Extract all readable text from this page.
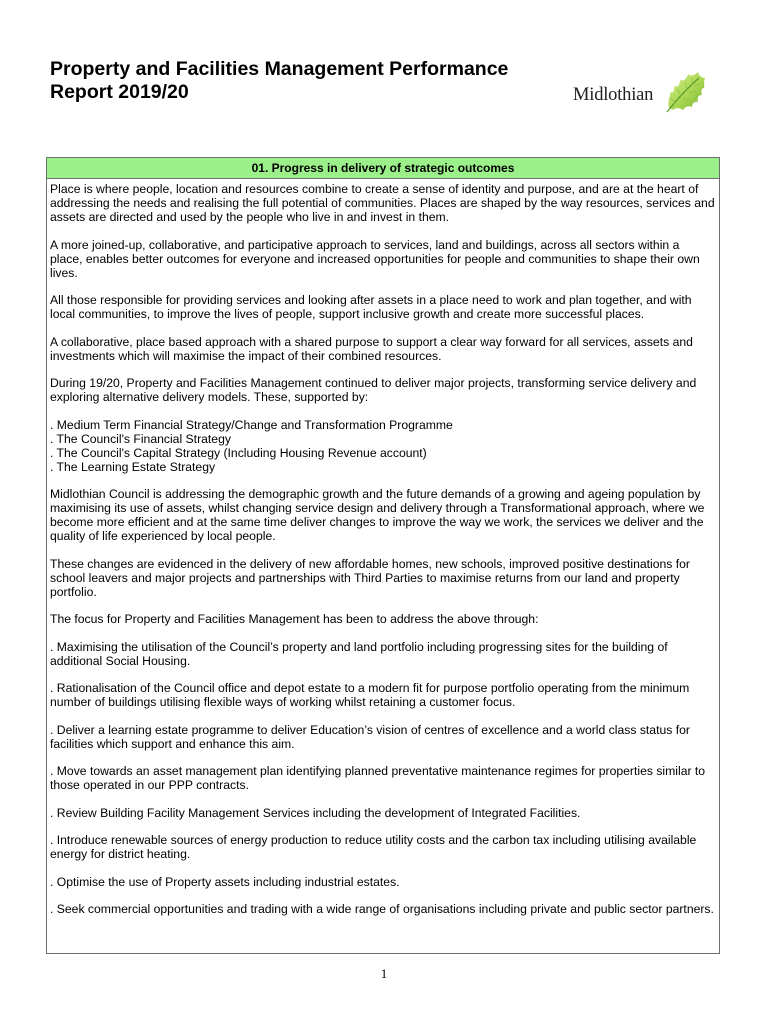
Property and Facilities Management Performance
Report 2019/20	Midlothian
01. Progress in delivery of strategic outcomes

Place is where people, location and resources combine to create a sense of identity and purpose, and are at the heart of addressing the needs and realising the full potential of communities. Places are shaped by the way resources, services and assets are directed and used by the people who live in and invest in them.

A more joined-up, collaborative, and participative approach to services, land and buildings, across all sectors within a place, enables better outcomes for everyone and increased opportunities for people and communities to shape their own lives.

All those responsible for providing services and looking after assets in a place need to work and plan together, and with local communities, to improve the lives of people, support inclusive growth and create more successful places.

A collaborative, place based approach with a shared purpose to support a clear way forward for all services, assets and investments which will maximise the impact of their combined resources.

During 19/20, Property and Facilities Management continued to deliver major projects, transforming service delivery and exploring alternative delivery models. These, supported by:

. Medium Term Financial Strategy/Change and Transformation Programme
. The Council's Financial Strategy
. The Council's Capital Strategy (Including Housing Revenue account)
. The Learning Estate Strategy

Midlothian Council is addressing the demographic growth and the future demands of a growing and ageing population by maximising its use of assets, whilst changing service design and delivery through a Transformational approach, where we become more efficient and at the same time deliver changes to improve the way we work, the services we deliver and the quality of life experienced by local people.

These changes are evidenced in the delivery of new affordable homes, new schools, improved positive destinations for school leavers and major projects and partnerships with Third Parties to maximise returns from our land and property portfolio.

The focus for Property and Facilities Management has been to address the above through:

. Maximising the utilisation of the Council’s property and land portfolio including progressing sites for the building of additional Social Housing.

. Rationalisation of the Council office and depot estate to a modern fit for purpose portfolio operating from the minimum number of buildings utilising flexible ways of working whilst retaining a customer focus.

. Deliver a learning estate programme to deliver Education’s vision of centres of excellence and a world class status for facilities which support and enhance this aim.

. Move towards an asset management plan identifying planned preventative maintenance regimes for properties similar to those operated in our PPP contracts.

. Review Building Facility Management Services including the development of Integrated Facilities.

. Introduce renewable sources of energy production to reduce utility costs and the carbon tax including utilising available energy for district heating.

. Optimise the use of Property assets including industrial estates.

. Seek commercial opportunities and trading with a wide range of organisations including private and public sector partners.

1
